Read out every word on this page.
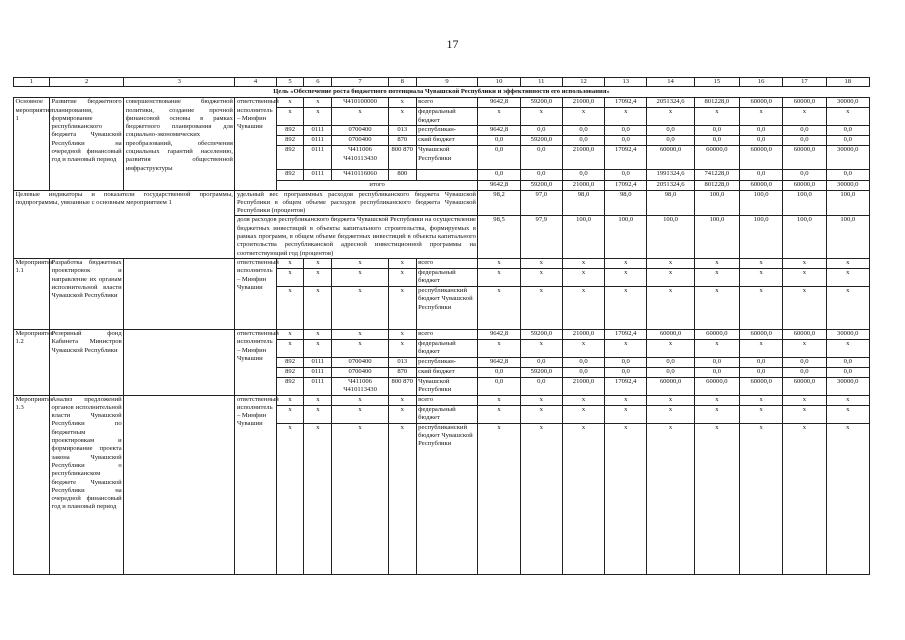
17
1	2	3	4	5	6	7	8	9	10	11	12	13	14	15	16	17	18
Цель «Обеспечение роста бюджетного потенциала Чувашской Республики и эффективности его использования»																	
Основное мероприятие 1	Развитие бюджетного планирования, формирование республиканского бюджета Чувашской Республики на очередной финансовый год и плановый период	совершенствование бюджетной политики, создание прочной финансовой основы в рамках бюджетного планирования для социально-экономических преобразований, обеспечения социальных гарантий населению, развития общественной инфраструктуры	ответственный исполнитель – Минфин Чувашии	х	х	Ч410100000	х	всего	9642,8	59200,0	21000,0	17092,4	2051324,6	801228,0	60000,0	60000,0	30000,0
				х	х	х	х	федеральный бюджет	х	х	х	х	х	х	х	х	х
				892	0111	0700400	013	республикан-	9642,8	0,0	0,0	0,0	0,0	0,0	0,0	0,0	0,0
				892	0111	0700400	870	ский бюджет	0,0	59200,0	0,0	0,0	0,0	0,0	0,0	0,0	0,0
				892	0111	Ч411006 Ч410113430	800 870	Чувашской Республики	0,0	0,0	21000,0	17092,4	60000,0	60000,0	60000,0	60000,0	30000,0
				892	0111	Ч410116060	800		0,0	0,0	0,0	0,0	1991324,6	741228,0	0,0	0,0	0,0
				итого					9642,8	59200,0	21000,0	17092,4	2051324,6	801228,0	60000,0	60000,0	30000,0
Целевые индикаторы и показатели государственной программы, подпрограммы, увязанные с основным мероприятием 1			удельный вес программных расходов республиканского бюджета Чувашской Республики в общем объеме расходов республиканского бюджета Чувашской Республики (процентов)						98,2	97,0	98,0	98,0	98,0	100,0	100,0	100,0	100,0
			доля расходов республиканского бюджета Чувашской Республики на осуществление бюджетных инвестиций в объекты капитального строительства, формируемых в рамках программ, в общем объеме бюджетных инвестиций в объекты капитального строительства республиканской адресной инвестиционной программы на соответствующий год (процентов)						98,5	97,9	100,0	100,0	100,0	100,0	100,0	100,0	100,0
Мероприятие 1.1	Разработка бюджетных проектировок и направление их органам исполнительной власти Чувашской Республики		ответственный исполнитель – Минфин Чувашии	х	х	х	х	всего	х	х	х	х	х	х	х	х	х
				х	х	х	х	федеральный бюджет	х	х	х	х	х	х	х	х	х
				х	х	х	х	республиканский бюджет Чувашской Республики	х	х	х	х	х	х	х	х	х
Мероприятие 1.2	Резервный фонд Кабинета Министров Чувашской Республики		ответственный исполнитель – Минфин Чувашии	х	х	х	х	всего	9642,8	59200,0	21000,0	17092,4	60000,0	60000,0	60000,0	60000,0	30000,0
				х	х	х	х	федеральный бюджет	х	х	х	х	х	х	х	х	х
				892	0111	0700400	013	республикан-	9642,8	0,0	0,0	0,0	0,0	0,0	0,0	0,0	0,0
				892	0111	0700400	870	ский бюджет	0,0	59200,0	0,0	0,0	0,0	0,0	0,0	0,0	0,0
				892	0111	Ч411006 Ч410113430	800 870	Чувашской Республики	0,0	0,0	21000,0	17092,4	60000,0	60000,0	60000,0	60000,0	30000,0
Мероприятие 1.3	Анализ предложений органов исполнительной власти Чувашской Республики по бюджетным проектировкам и формирование проекта закона Чувашской Республики о республиканском бюджете Чувашской Республики на очередной финансовый год и плановый период		ответственный исполнитель – Минфин Чувашии	х	х	х	х	всего	х	х	х	х	х	х	х	х	х
				х	х	х	х	федеральный бюджет	х	х	х	х	х	х	х	х	х
				х	х	х	х	республиканский бюджет Чувашской Республики	х	х	х	х	х	х	х	х	х
